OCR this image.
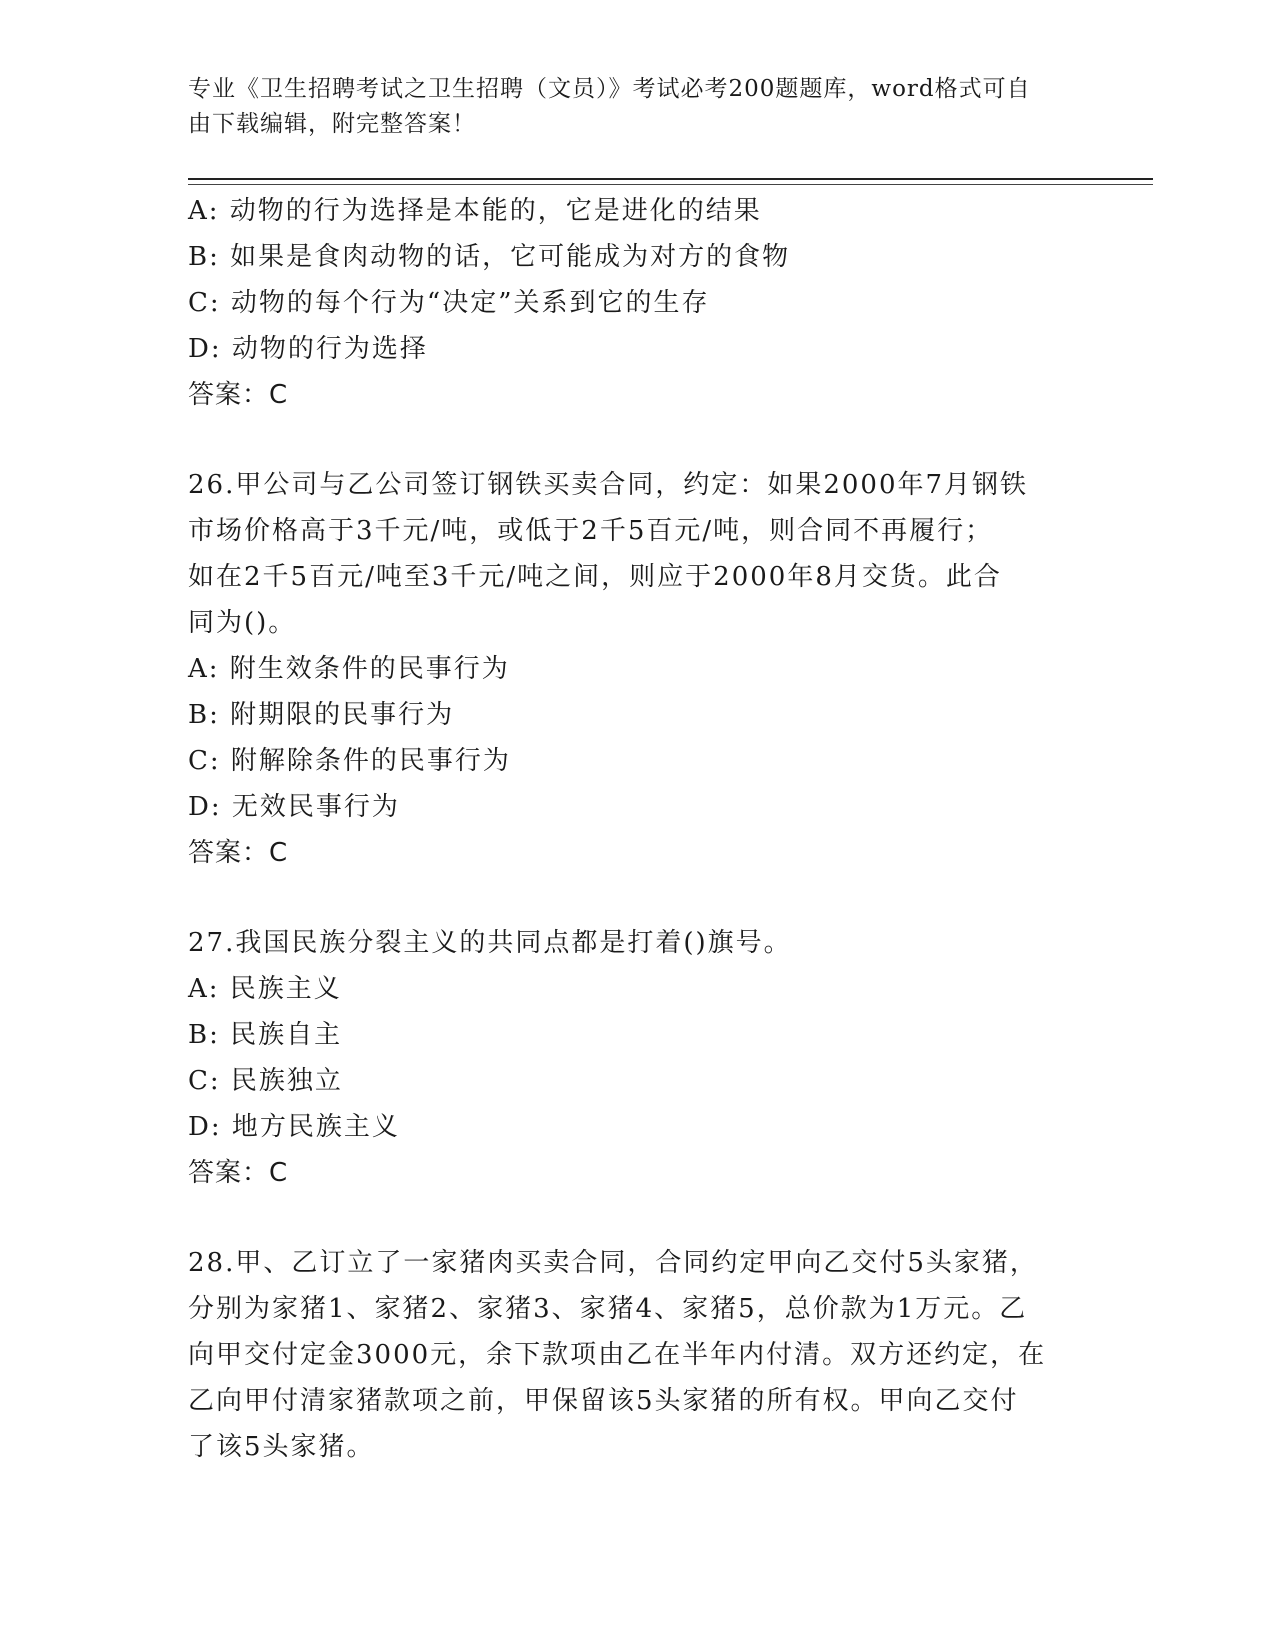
专业《卫生招聘考试之卫生招聘（文员）》考试必考200题题库，word格式可自
由下载编辑，附完整答案！
A: 动物的行为选择是本能的，它是进化的结果
B: 如果是食肉动物的话，它可能成为对方的食物
C: 动物的每个行为“决定”关系到它的生存
D: 动物的行为选择
答案：C
26.甲公司与乙公司签订钢铁买卖合同，约定：如果2000年7月钢铁
市场价格高于3千元/吨，或低于2千5百元/吨，则合同不再履行；
如在2千5百元/吨至3千元/吨之间，则应于2000年8月交货。此合
同为()。
A: 附生效条件的民事行为
B: 附期限的民事行为
C: 附解除条件的民事行为
D: 无效民事行为
答案：C
27.我国民族分裂主义的共同点都是打着()旗号。
A: 民族主义
B: 民族自主
C: 民族独立
D: 地方民族主义
答案：C
28.甲、乙订立了一家猪肉买卖合同，合同约定甲向乙交付5头家猪，
分别为家猪1、家猪2、家猪3、家猪4、家猪5，总价款为1万元。乙
向甲交付定金3000元，余下款项由乙在半年内付清。双方还约定，在
乙向甲付清家猪款项之前，甲保留该5头家猪的所有权。甲向乙交付
了该5头家猪。
